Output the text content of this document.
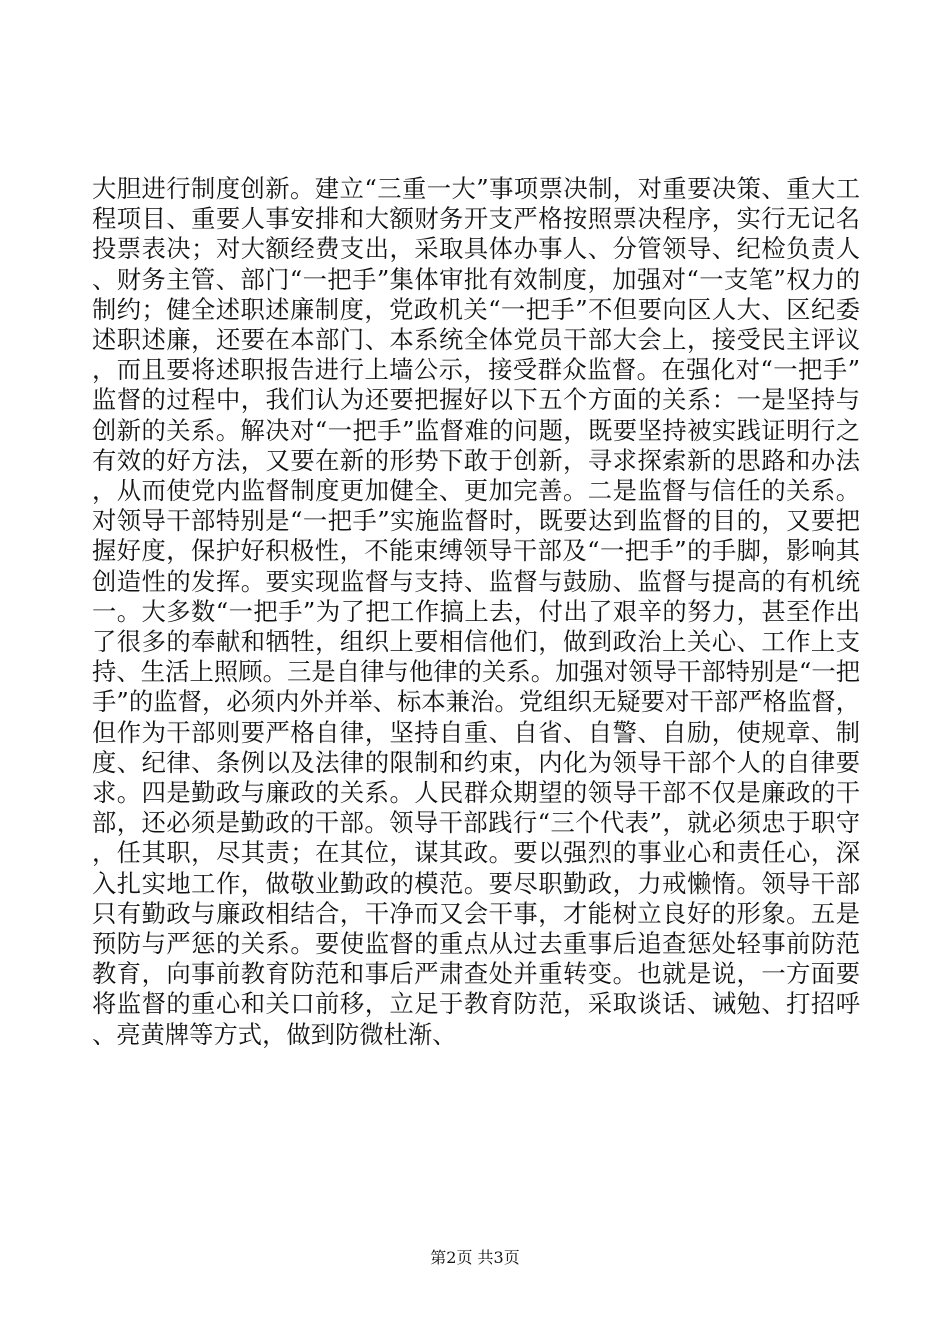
大胆进行制度创新。建立“三重一大”事项票决制，对重要决策、重大工程项目、重要人事安排和大额财务开支严格按照票决程序，实行无记名投票表决；对大额经费支出，采取具体办事人、分管领导、纪检负责人、财务主管、部门“一把手”集体审批有效制度，加强对“一支笔”权力的制约；健全述职述廉制度，党政机关“一把手”不但要向区人大、区纪委述职述廉，还要在本部门、本系统全体党员干部大会上，接受民主评议，而且要将述职报告进行上墙公示，接受群众监督。在强化对“一把手”监督的过程中，我们认为还要把握好以下五个方面的关系：一是坚持与创新的关系。解决对“一把手”监督难的问题，既要坚持被实践证明行之有效的好方法，又要在新的形势下敢于创新，寻求探索新的思路和办法，从而使党内监督制度更加健全、更加完善。二是监督与信任的关系。对领导干部特别是“一把手”实施监督时，既要达到监督的目的，又要把握好度，保护好积极性，不能束缚领导干部及“一把手”的手脚，影响其创造性的发挥。要实现监督与支持、监督与鼓励、监督与提高的有机统一。大多数“一把手”为了把工作搞上去，付出了艰辛的努力，甚至作出了很多的奉献和牺牲，组织上要相信他们，做到政治上关心、工作上支持、生活上照顾。三是自律与他律的关系。加强对领导干部特别是“一把手”的监督，必须内外并举、标本兼治。党组织无疑要对干部严格监督，但作为干部则要严格自律，坚持自重、自省、自警、自励，使规章、制度、纪律、条例以及法律的限制和约束，内化为领导干部个人的自律要求。四是勤政与廉政的关系。人民群众期望的领导干部不仅是廉政的干部，还必须是勤政的干部。领导干部践行“三个代表”，就必须忠于职守，任其职，尽其责；在其位，谋其政。要以强烈的事业心和责任心，深入扎实地工作，做敬业勤政的模范。要尽职勤政，力戒懒惰。领导干部只有勤政与廉政相结合，干净而又会干事，才能树立良好的形象。五是预防与严惩的关系。要使监督的重点从过去重事后追查惩处轻事前防范教育，向事前教育防范和事后严肃查处并重转变。也就是说，一方面要将监督的重心和关口前移，立足于教育防范，采取谈话、诫勉、打招呼、亮黄牌等方式，做到防微杜渐、

第2页 共3页
